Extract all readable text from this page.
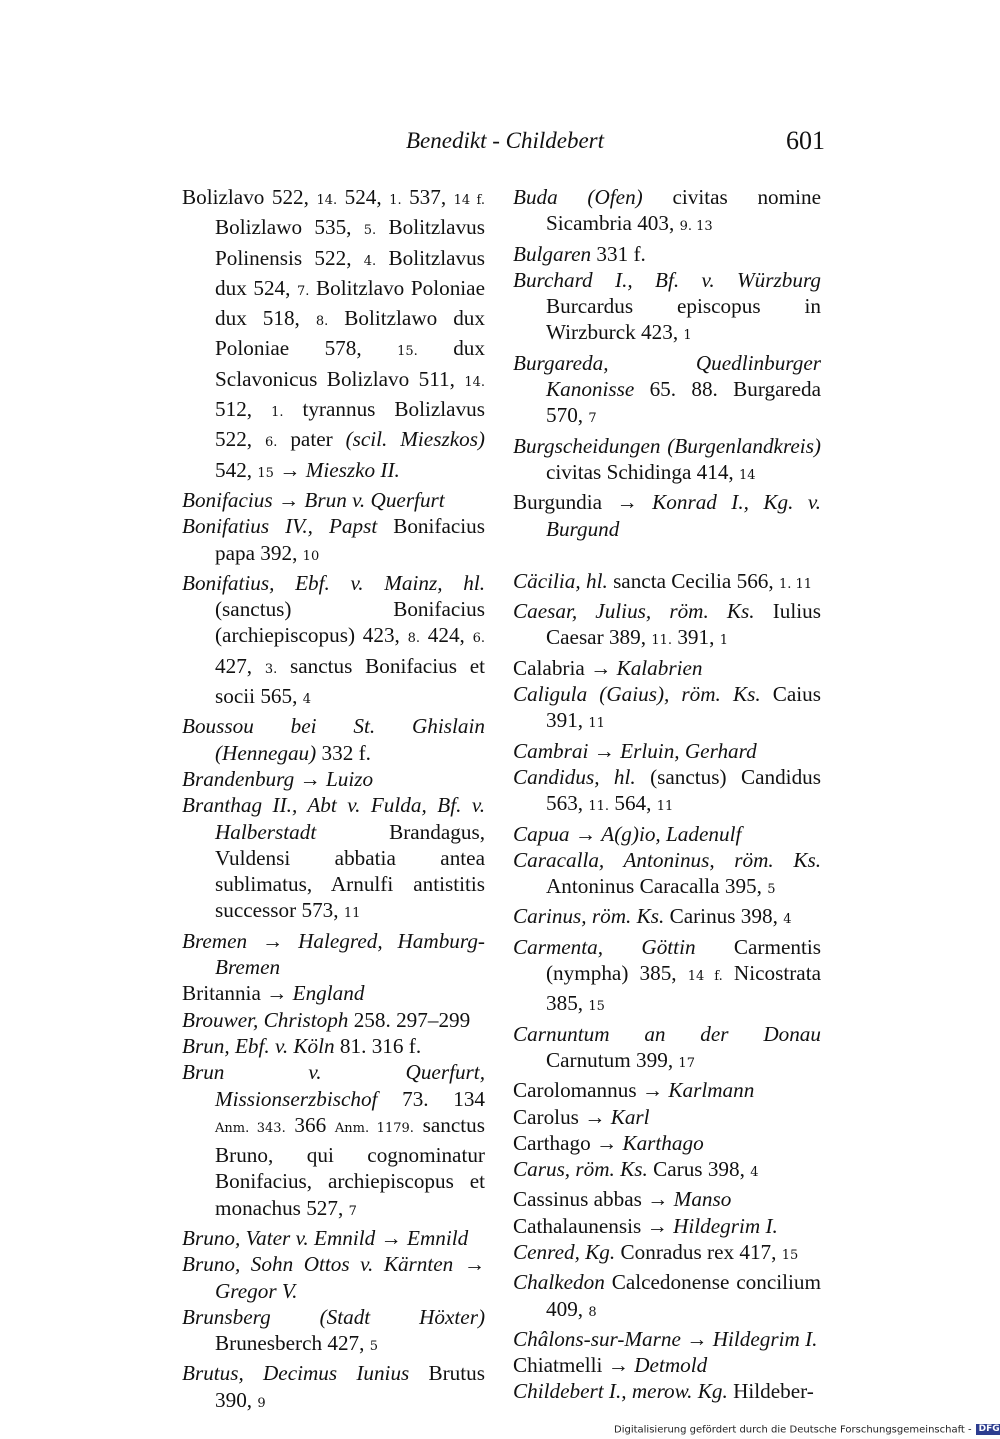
Benedikt - Childebert	601
Bolizlavo 522, 14. 524, 1. 537, 14 f. Bolizlawo 535, 5. Bolitzlavus Polinensis 522, 4. Bolitzlavus dux 524, 7. Bolitzlavo Poloniae dux 518, 8. Bolitzlawo dux Poloniae 578, 15. dux Sclavonicus Bolizlavo 511, 14. 512, 1. tyrannus Bolizlavus 522, 6. pater (scil. Mieszkos) 542, 15 → Mieszko II.
Bonifacius → Brun v. Querfurt
Bonifatius IV., Papst Bonifacius papa 392, 10
Bonifatius, Ebf. v. Mainz, hl. (sanctus) Bonifacius (archiepiscopus) 423, 8. 424, 6. 427, 3. sanctus Bonifacius et socii 565, 4
Boussou bei St. Ghislain (Hennegau) 332 f.
Brandenburg → Luizo
Branthag II., Abt v. Fulda, Bf. v. Halberstadt Brandagus, Vuldensi abbatia antea sublimatus, Arnulfi antistitis successor 573, 11
Bremen → Halegred, Hamburg-Bremen
Britannia → England
Brouwer, Christoph 258. 297–299
Brun, Ebf. v. Köln 81. 316 f.
Brun v. Querfurt, Missionserzbischof 73. 134 Anm. 343. 366 Anm. 1179. sanctus Bruno, qui cognominatur Bonifacius, archiepiscopus et monachus 527, 7
Bruno, Vater v. Emnild → Emnild
Bruno, Sohn Ottos v. Kärnten → Gregor V.
Brunsberg (Stadt Höxter) Brunesberch 427, 5
Brutus, Decimus Iunius Brutus 390, 9
Buda (Ofen) civitas nomine Sicambria 403, 9. 13
Bulgaren 331 f.
Burchard I., Bf. v. Würzburg Burcardus episcopus in Wirzburck 423, 1
Burgareda, Quedlinburger Kanonisse 65. 88. Burgareda 570, 7
Burgscheidungen (Burgenlandkreis) civitas Schidinga 414, 14
Burgundia → Konrad I., Kg. v. Burgund
Cäcilia, hl. sancta Cecilia 566, 1. 11
Caesar, Julius, röm. Ks. Iulius Caesar 389, 11. 391, 1
Calabria → Kalabrien
Caligula (Gaius), röm. Ks. Caius 391, 11
Cambrai → Erluin, Gerhard
Candidus, hl. (sanctus) Candidus 563, 11. 564, 11
Capua → A(g)io, Ladenulf
Caracalla, Antoninus, röm. Ks. Antoninus Caracalla 395, 5
Carinus, röm. Ks. Carinus 398, 4
Carmenta, Göttin Carmentis (nympha) 385, 14 f. Nicostrata 385, 15
Carnuntum an der Donau Carnutum 399, 17
Carolomannus → Karlmann
Carolus → Karl
Carthago → Karthago
Carus, röm. Ks. Carus 398, 4
Cassinus abbas → Manso
Cathalaunensis → Hildegrim I.
Cenred, Kg. Conradus rex 417, 15
Chalkedon Calcedonense concilium 409, 8
Châlons-sur-Marne → Hildegrim I.
Chiatmelli → Detmold
Childebert I., merow. Kg. Hildeber-
Digitalisierung gefördert durch die Deutsche Forschungsgemeinschaft - DFG
